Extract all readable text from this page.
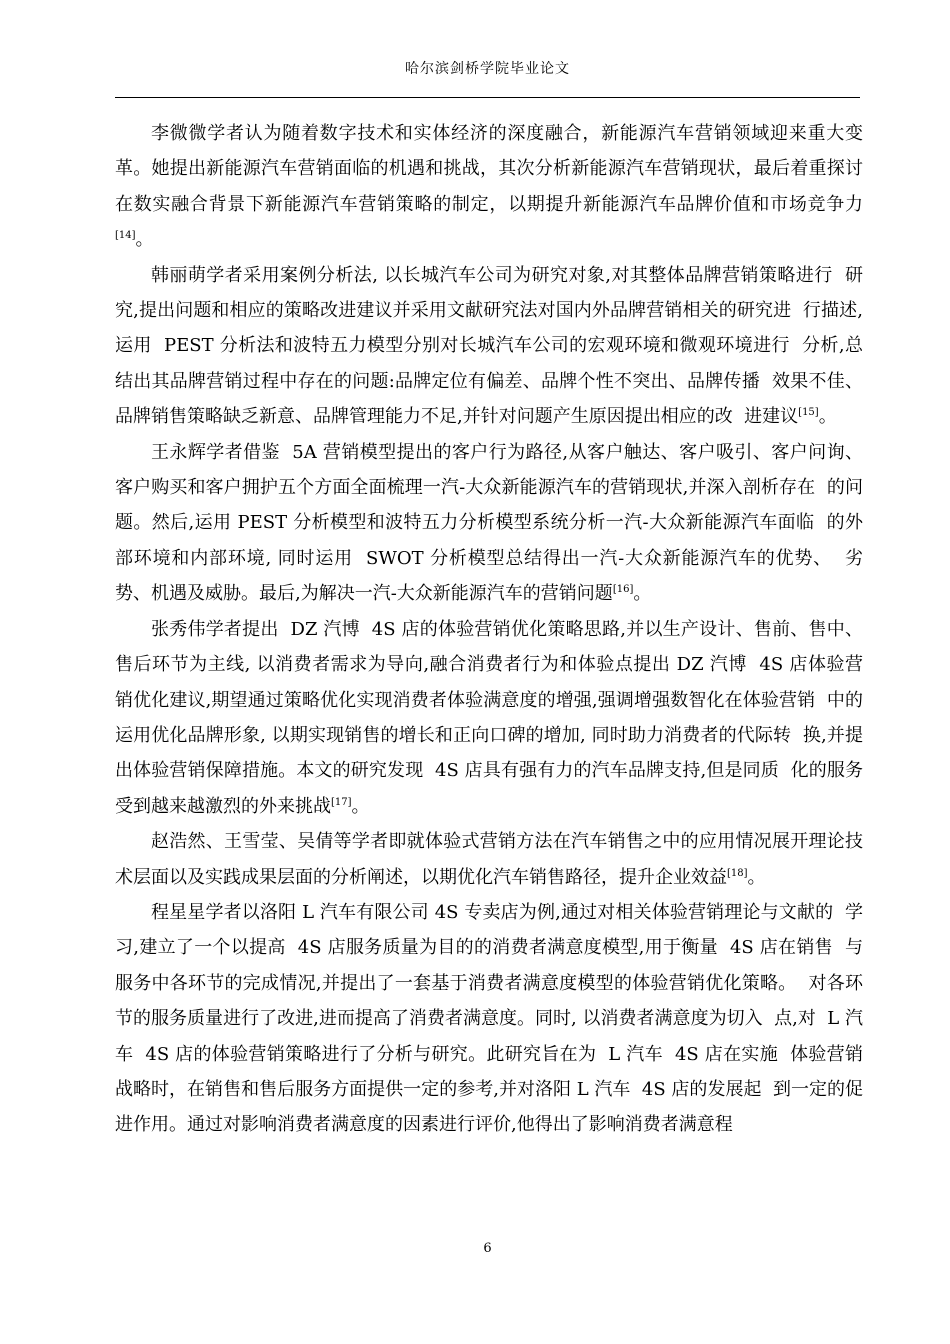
哈尔滨剑桥学院毕业论文

李微微学者认为随着数字技术和实体经济的深度融合，新能源汽车营销领域迎来重大变革。她提出新能源汽车营销面临的机遇和挑战，其次分析新能源汽车营销现状，最后着重探讨在数实融合背景下新能源汽车营销策略的制定，以期提升新能源汽车品牌价值和市场竞争力[14]。

韩丽萌学者采用案例分析法, 以长城汽车公司为研究对象,对其整体品牌营销策略进行  研究,提出问题和相应的策略改进建议并采用文献研究法对国内外品牌营销相关的研究进  行描述,运用  PEST 分析法和波特五力模型分别对长城汽车公司的宏观环境和微观环境进行  分析,总结出其品牌营销过程中存在的问题:品牌定位有偏差、品牌个性不突出、品牌传播  效果不佳、品牌销售策略缺乏新意、品牌管理能力不足,并针对问题产生原因提出相应的改  进建议[15]。

王永辉学者借鉴  5A 营销模型提出的客户行为路径,从客户触达、客户吸引、客户问询、  客户购买和客户拥护五个方面全面梳理一汽-大众新能源汽车的营销现状,并深入剖析存在  的问题。然后,运用 PEST 分析模型和波特五力分析模型系统分析一汽-大众新能源汽车面临  的外部环境和内部环境, 同时运用  SWOT 分析模型总结得出一汽-大众新能源汽车的优势、  劣势、机遇及威胁。最后,为解决一汽-大众新能源汽车的营销问题[16]。

张秀伟学者提出  DZ 汽博  4S 店的体验营销优化策略思路,并以生产设计、售前、售中、  售后环节为主线, 以消费者需求为导向,融合消费者行为和体验点提出 DZ 汽博  4S 店体验营  销优化建议,期望通过策略优化实现消费者体验满意度的增强,强调增强数智化在体验营销  中的运用优化品牌形象, 以期实现销售的增长和正向口碑的增加, 同时助力消费者的代际转  换,并提出体验营销保障措施。本文的研究发现  4S 店具有强有力的汽车品牌支持,但是同质  化的服务受到越来越激烈的外来挑战[17]。

赵浩然、王雪莹、吴倩等学者即就体验式营销方法在汽车销售之中的应用情况展开理论技术层面以及实践成果层面的分析阐述，以期优化汽车销售路径，提升企业效益[18]。

程星星学者以洛阳 L 汽车有限公司 4S 专卖店为例,通过对相关体验营销理论与文献的  学习,建立了一个以提高  4S 店服务质量为目的的消费者满意度模型,用于衡量  4S 店在销售  与服务中各环节的完成情况,并提出了一套基于消费者满意度模型的体验营销优化策略。  对各环节的服务质量进行了改进,进而提高了消费者满意度。同时, 以消费者满意度为切入  点,对  L 汽车  4S 店的体验营销策略进行了分析与研究。此研究旨在为  L 汽车  4S 店在实施  体验营销战略时，在销售和售后服务方面提供一定的参考,并对洛阳 L 汽车  4S 店的发展起  到一定的促进作用。通过对影响消费者满意度的因素进行评价,他得出了影响消费者满意程

6
